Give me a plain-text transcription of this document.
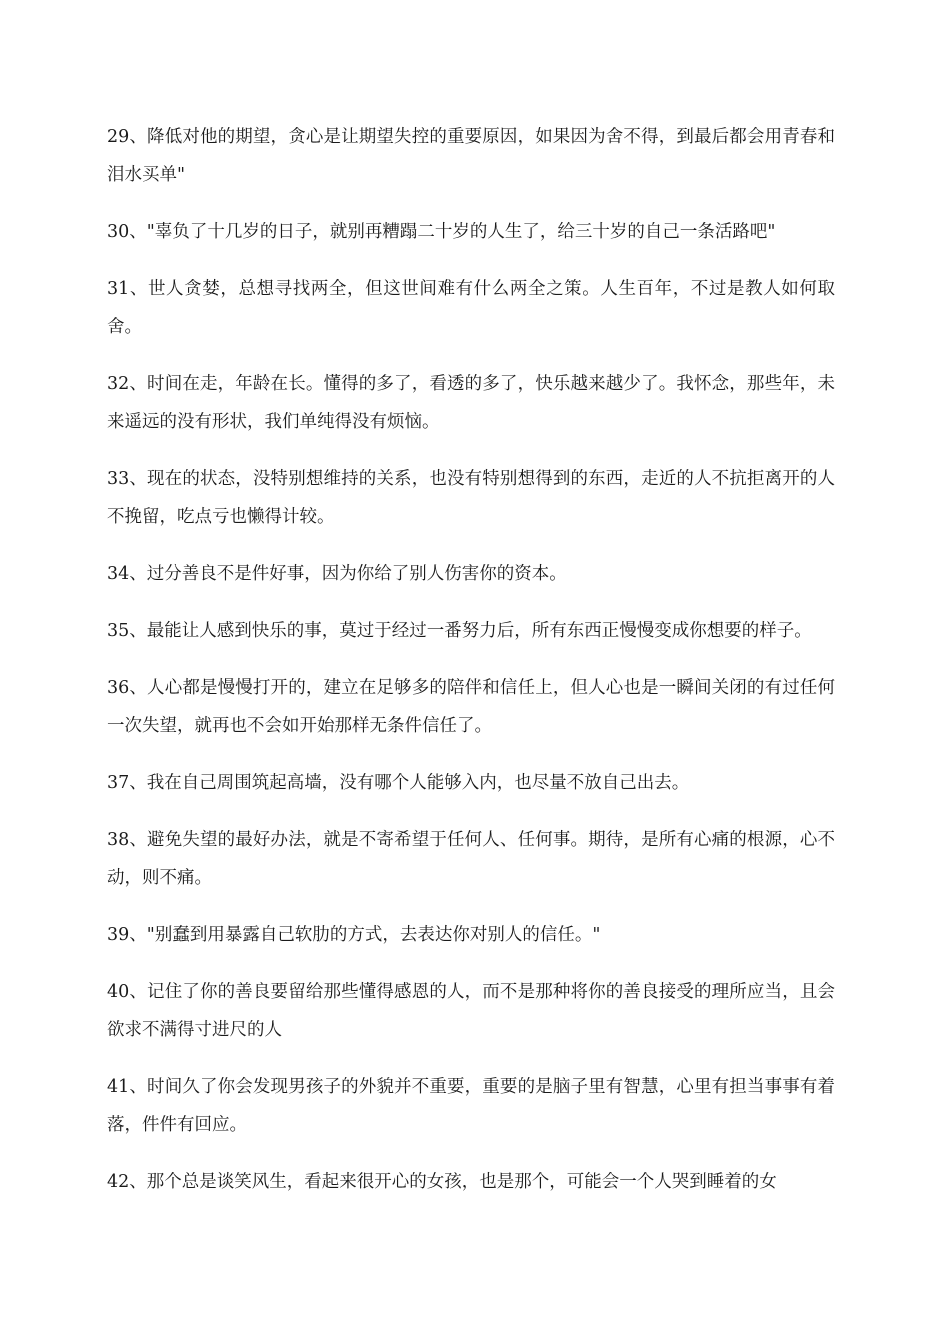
29、降低对他的期望，贪心是让期望失控的重要原因，如果因为舍不得，到最后都会用青春和泪水买单"
30、"辜负了十几岁的日子，就别再糟蹋二十岁的人生了，给三十岁的自己一条活路吧"
31、世人贪婪，总想寻找两全，但这世间难有什么两全之策。人生百年，不过是教人如何取舍。
32、时间在走，年龄在长。懂得的多了，看透的多了，快乐越来越少了。我怀念，那些年，未来遥远的没有形状，我们单纯得没有烦恼。
33、现在的状态，没特别想维持的关系，也没有特别想得到的东西，走近的人不抗拒离开的人不挽留，吃点亏也懒得计较。
34、过分善良不是件好事，因为你给了别人伤害你的资本。
35、最能让人感到快乐的事，莫过于经过一番努力后，所有东西正慢慢变成你想要的样子。
36、人心都是慢慢打开的，建立在足够多的陪伴和信任上，但人心也是一瞬间关闭的有过任何一次失望，就再也不会如开始那样无条件信任了。
37、我在自己周围筑起高墙，没有哪个人能够入内，也尽量不放自己出去。
38、避免失望的最好办法，就是不寄希望于任何人、任何事。期待，是所有心痛的根源，心不动，则不痛。
39、"别蠢到用暴露自己软肋的方式，去表达你对别人的信任。"
40、记住了你的善良要留给那些懂得感恩的人，而不是那种将你的善良接受的理所应当，且会欲求不满得寸进尺的人
41、时间久了你会发现男孩子的外貌并不重要，重要的是脑子里有智慧，心里有担当事事有着落，件件有回应。
42、那个总是谈笑风生，看起来很开心的女孩，也是那个，可能会一个人哭到睡着的女
